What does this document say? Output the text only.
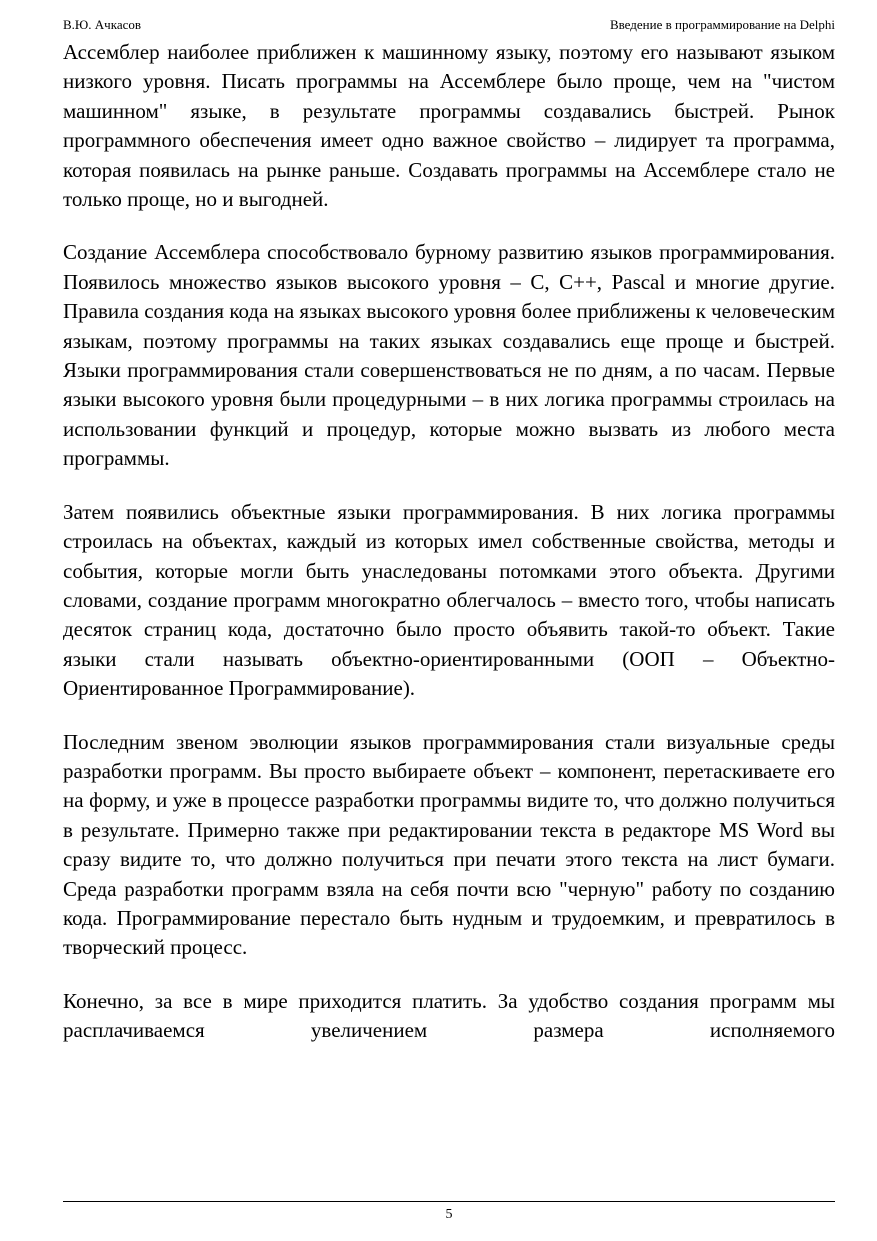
В.Ю. Ачкасов	Введение в программирование на Delphi

Ассемблер наиболее приближен к машинному языку, поэтому его называют языком низкого уровня. Писать программы на Ассемблере было проще, чем на "чистом машинном" языке, в результате программы создавались быстрей. Рынок программного обеспечения имеет одно важное свойство – лидирует та программа, которая появилась на рынке раньше. Создавать программы на Ассемблере стало не только проще, но и выгодней.

Создание Ассемблера способствовало бурному развитию языков программирования. Появилось множество языков высокого уровня – C, C++, Pascal и многие другие. Правила создания кода на языках высокого уровня более приближены к человеческим языкам, поэтому программы на таких языках создавались еще проще и быстрей. Языки программирования стали совершенствоваться не по дням, а по часам. Первые языки высокого уровня были процедурными – в них логика программы строилась на использовании функций и процедур, которые можно вызвать из любого места программы.

Затем появились объектные языки программирования. В них логика программы строилась на объектах, каждый из которых имел собственные свойства, методы и события, которые могли быть унаследованы потомками этого объекта. Другими словами, создание программ многократно облегчалось – вместо того, чтобы написать десяток страниц кода, достаточно было просто объявить такой-то объект. Такие языки стали называть объектно-ориентированными (ООП – Объектно-Ориентированное Программирование).

Последним звеном эволюции языков программирования стали визуальные среды разработки программ. Вы просто выбираете объект – компонент, перетаскиваете его на форму, и уже в процессе разработки программы видите то, что должно получиться в результате. Примерно также при редактировании текста в редакторе MS Word вы сразу видите то, что должно получиться при печати этого текста на лист бумаги. Среда разработки программ взяла на себя почти всю "черную" работу по созданию кода. Программирование перестало быть нудным и трудоемким, и превратилось в творческий процесс.

Конечно, за все в мире приходится платить. За удобство создания программ мы расплачиваемся увеличением размера исполняемого

5
